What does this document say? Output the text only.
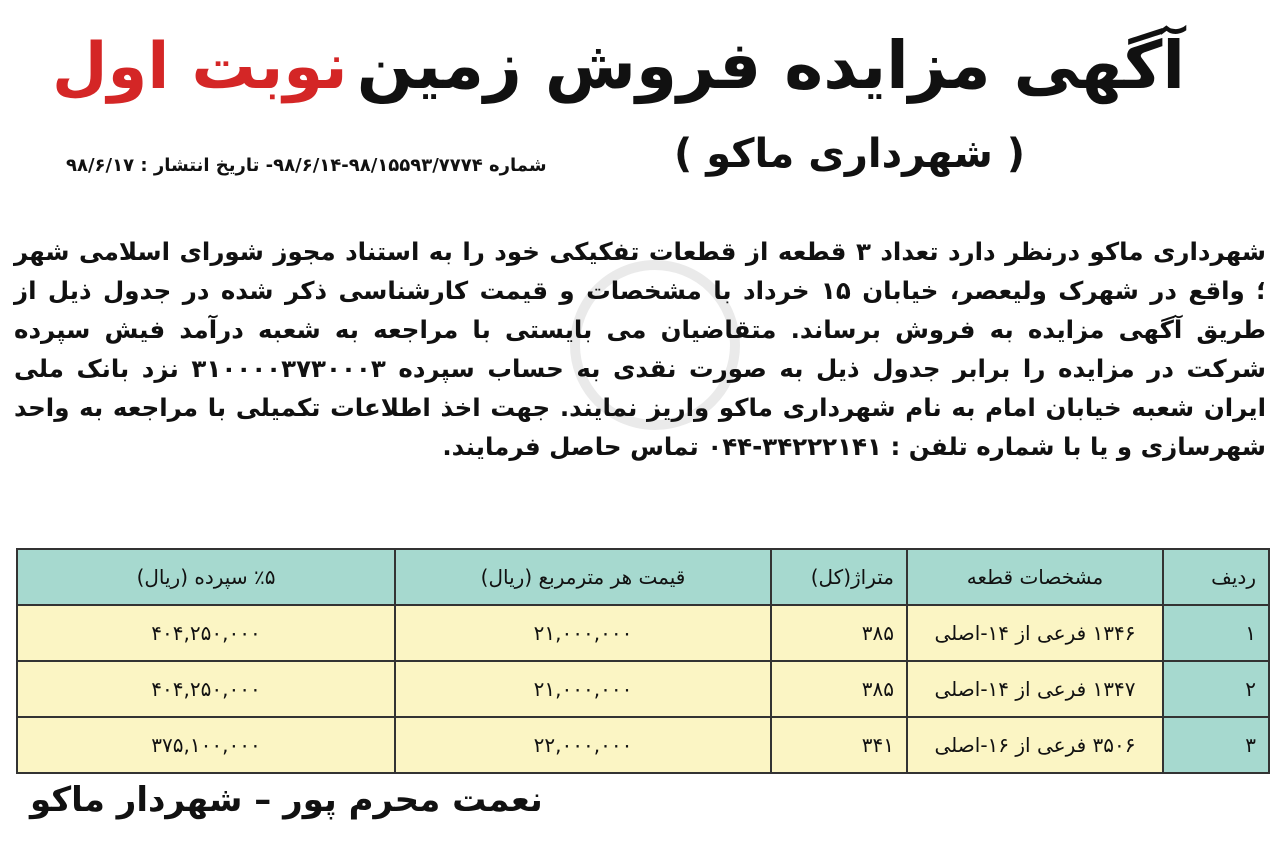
آگهی مزایده فروش زمین
نوبت اول
( شهرداری ماکو )
شماره ۹۸/۱۵۵۹۳/۷۷۷۴-۹۸/۶/۱۴- تاریخ انتشار : ۹۸/۶/۱۷

شهرداری ماکو درنظر دارد تعداد ۳ قطعه از قطعات تفکیکی خود را به استناد مجوز شورای اسلامی شهر ؛ واقع در شهرک ولیعصر، خیابان ۱۵ خرداد با مشخصات و قیمت کارشناسی ذکر شده در جدول ذیل از طریق آگهی مزایده به فروش برساند. متقاضیان می بایستی با مراجعه به شعبه درآمد فیش سپرده شرکت در مزایده را برابر جدول ذیل به صورت نقدی به حساب سپرده ۳۱۰۰۰۰۳۷۳۰۰۰۳ نزد بانک ملی ایران شعبه خیابان امام به نام شهرداری ماکو واریز نمایند. جهت اخذ اطلاعات تکمیلی با مراجعه به واحد شهرسازی و یا با شماره تلفن : ۳۴۲۲۲۱۴۱-۰۴۴ تماس حاصل فرمایند.

ردیف	مشخصات قطعه	متراژ(کل)	قیمت هر مترمربع (ریال)	٪۵ سپرده (ریال)
۱	۱۳۴۶ فرعی از ۱۴-اصلی	۳۸۵	۲۱,۰۰۰,۰۰۰	۴۰۴,۲۵۰,۰۰۰
۲	۱۳۴۷ فرعی از ۱۴-اصلی	۳۸۵	۲۱,۰۰۰,۰۰۰	۴۰۴,۲۵۰,۰۰۰
۳	۳۵۰۶ فرعی از ۱۶-اصلی	۳۴۱	۲۲,۰۰۰,۰۰۰	۳۷۵,۱۰۰,۰۰۰
نعمت محرم پور – شهردار ماکو
